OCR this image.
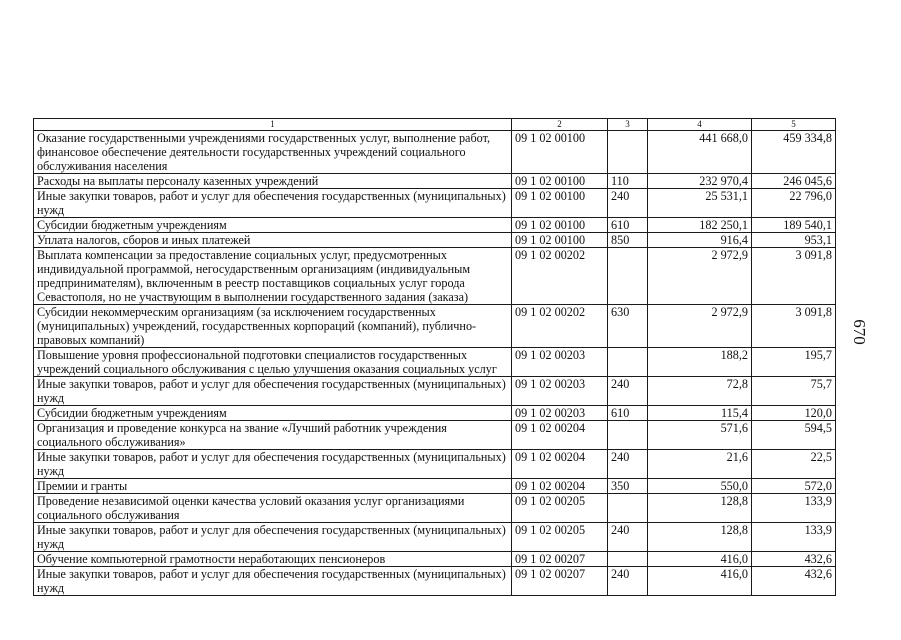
1	2	3	4	5
Оказание государственными учреждениями государственных услуг, выполнение работ, финансовое обеспечение деятельности государственных учреждений социального обслуживания населения	09 1 02 00100		441 668,0	459 334,8
Расходы на выплаты персоналу казенных учреждений	09 1 02 00100	110	232 970,4	246 045,6
Иные закупки товаров, работ и услуг для обеспечения государственных (муниципальных) нужд	09 1 02 00100	240	25 531,1	22 796,0
Субсидии бюджетным учреждениям	09 1 02 00100	610	182 250,1	189 540,1
Уплата налогов, сборов и иных платежей	09 1 02 00100	850	916,4	953,1
Выплата компенсации за предоставление социальных услуг, предусмотренных индивидуальной программой, негосударственным организациям (индивидуальным предпринимателям), включенным в реестр поставщиков социальных услуг города Севастополя, но не участвующим в выполнении государственного задания (заказа)	09 1 02 00202		2 972,9	3 091,8
Субсидии некоммерческим организациям (за исключением государственных (муниципальных) учреждений, государственных корпораций (компаний), публично-правовых компаний)	09 1 02 00202	630	2 972,9	3 091,8
Повышение уровня профессиональной подготовки специалистов государственных учреждений социального обслуживания с целью улучшения оказания социальных услуг	09 1 02 00203		188,2	195,7
Иные закупки товаров, работ и услуг для обеспечения государственных (муниципальных) нужд	09 1 02 00203	240	72,8	75,7
Субсидии бюджетным учреждениям	09 1 02 00203	610	115,4	120,0
Организация и проведение конкурса на звание «Лучший работник учреждения социального обслуживания»	09 1 02 00204		571,6	594,5
Иные закупки товаров, работ и услуг для обеспечения государственных (муниципальных) нужд	09 1 02 00204	240	21,6	22,5
Премии и гранты	09 1 02 00204	350	550,0	572,0
Проведение независимой оценки качества условий оказания услуг организациями социального обслуживания	09 1 02 00205		128,8	133,9
Иные закупки товаров, работ и услуг для обеспечения государственных (муниципальных) нужд	09 1 02 00205	240	128,8	133,9
Обучение компьютерной грамотности неработающих пенсионеров	09 1 02 00207		416,0	432,6
Иные закупки товаров, работ и услуг для обеспечения государственных (муниципальных) нужд	09 1 02 00207	240	416,0	432,6
670
